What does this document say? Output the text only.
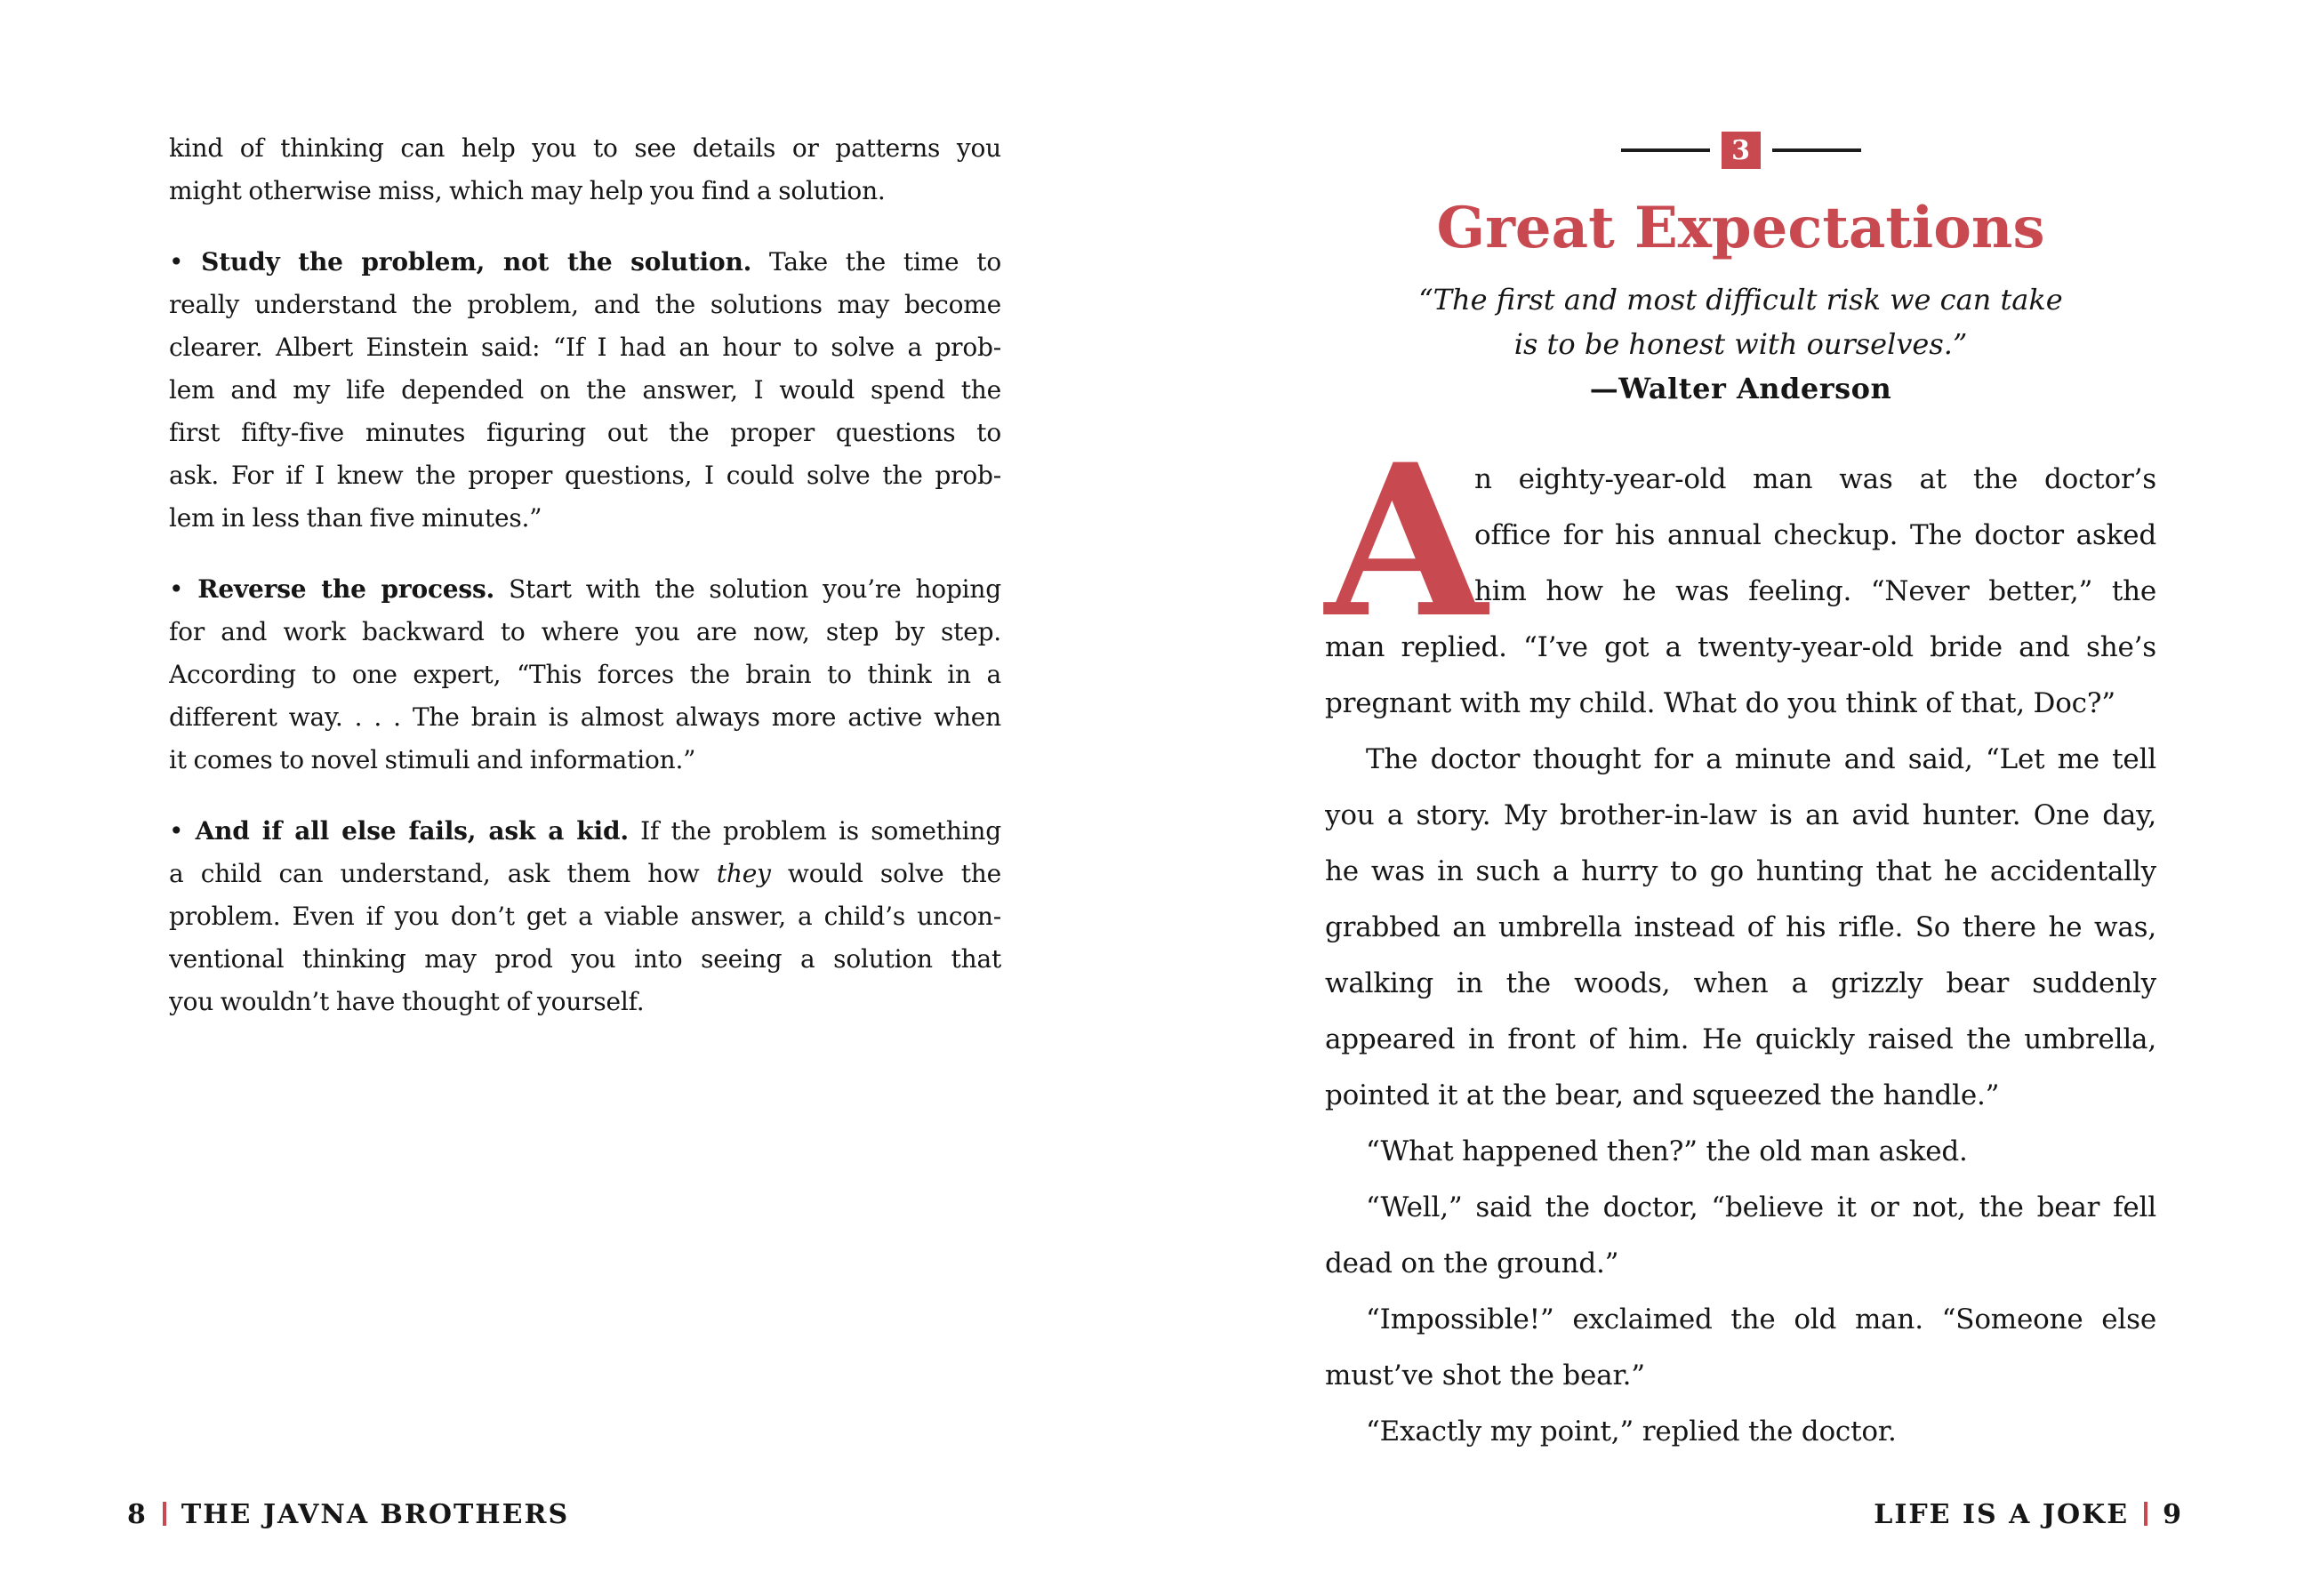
kind of thinking can help you to see details or patterns you
might otherwise miss, which may help you find a solution.
• Study the problem, not the solution. Take the time to
really understand the problem, and the solutions may become
clearer. Albert Einstein said: “If I had an hour to solve a prob-
lem and my life depended on the answer, I would spend the
first fifty-five minutes figuring out the proper questions to
ask. For if I knew the proper questions, I could solve the prob-
lem in less than five minutes.”
• Reverse the process. Start with the solution you’re hoping
for and work backward to where you are now, step by step.
According to one expert, “This forces the brain to think in a
different way. . . . The brain is almost always more active when
it comes to novel stimuli and information.”
• And if all else fails, ask a kid. If the problem is something
a child can understand, ask them how they would solve the
problem. Even if you don’t get a viable answer, a child’s uncon-
ventional thinking may prod you into seeing a solution that
you wouldn’t have thought of yourself.
3
Great Expectations
“The first and most difficult risk we can take
is to be honest with ourselves.”
—Walter Anderson
A
n eighty-year-old man was at the doctor’s
office for his annual checkup. The doctor asked
him how he was feeling. “Never better,” the
man replied. “I’ve got a twenty-year-old bride and she’s
pregnant with my child. What do you think of that, Doc?”
The doctor thought for a minute and said, “Let me tell
you a story. My brother-in-law is an avid hunter. One day,
he was in such a hurry to go hunting that he accidentally
grabbed an umbrella instead of his rifle. So there he was,
walking in the woods, when a grizzly bear suddenly
appeared in front of him. He quickly raised the umbrella,
pointed it at the bear, and squeezed the handle.”
“What happened then?” the old man asked.
“Well,” said the doctor, “believe it or not, the bear fell
dead on the ground.”
“Impossible!” exclaimed the old man. “Someone else
must’ve shot the bear.”
“Exactly my point,” replied the doctor.
8 THE JAVNA BROTHERS	LIFE IS A JOKE 9
